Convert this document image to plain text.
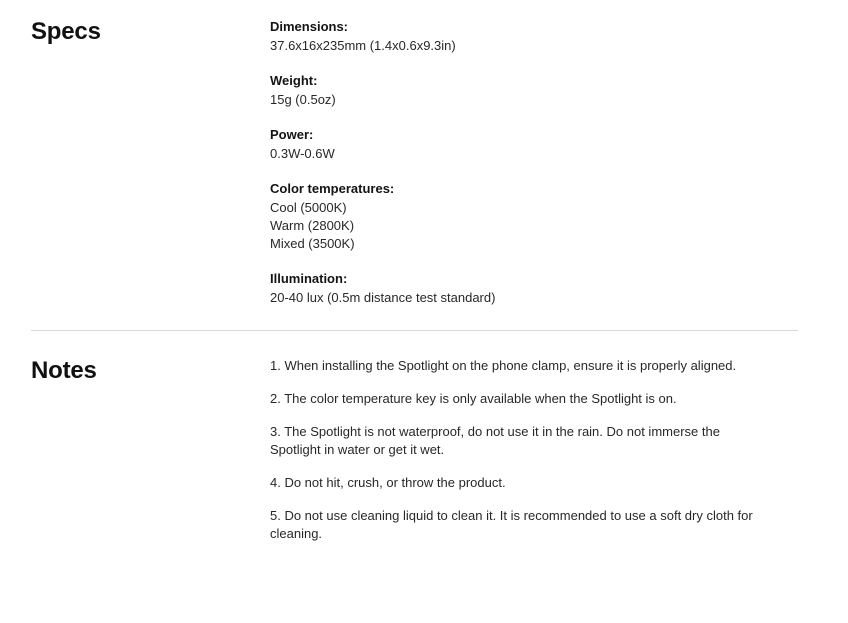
Specs	Dimensions:

37.6x16x235mm (1.4x0.6x9.3in)

Weight:

15g (0.5oz)

Power:

0.3W-0.6W

Color temperatures:

Cool (5000K)

Warm (2800K)

Mixed (3500K)

Illumination:

20-40 lux (0.5m distance test standard)

Notes	1. When installing the Spotlight on the phone clamp, ensure it is properly aligned.

2. The color temperature key is only available when the Spotlight is on.

3. The Spotlight is not waterproof, do not use it in the rain. Do not immerse the Spotlight in water or get it wet.

4. Do not hit, crush, or throw the product.

5. Do not use cleaning liquid to clean it. It is recommended to use a soft dry cloth for cleaning.
